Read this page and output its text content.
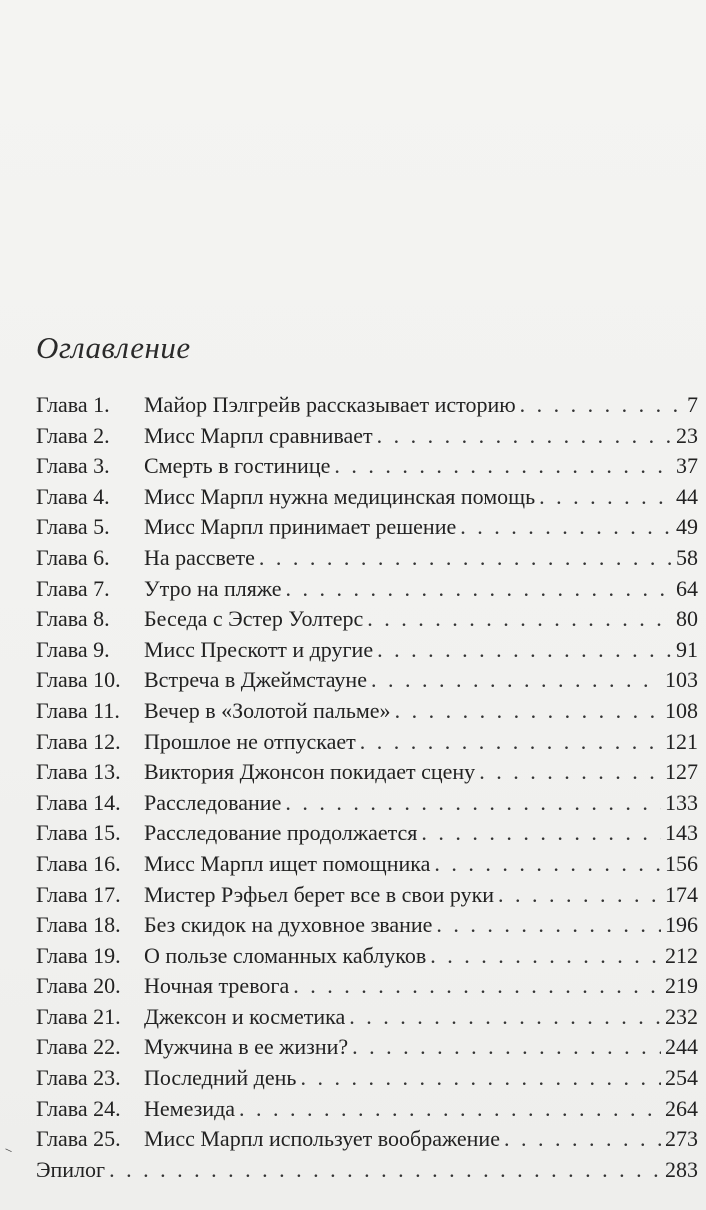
Оглавление
Глава 1.	Майор Пэлгрейв рассказывает историю . . .	7
Глава 2.	Мисс Марпл сравнивает . . .	23
Глава 3.	Смерть в гостинице . . .	37
Глава 4.	Мисс Марпл нужна медицинская помощь . . .	44
Глава 5.	Мисс Марпл принимает решение . . .	49
Глава 6.	На рассвете . . .	58
Глава 7.	Утро на пляже . . .	64
Глава 8.	Беседа с Эстер Уолтерс . . .	80
Глава 9.	Мисс Прескотт и другие . . .	91
Глава 10.	Встреча в Джеймстауне . . .	103
Глава 11.	Вечер в «Золотой пальме» . . .	108
Глава 12.	Прошлое не отпускает . . .	121
Глава 13.	Виктория Джонсон покидает сцену . . .	127
Глава 14.	Расследование . . .	133
Глава 15.	Расследование продолжается . . .	143
Глава 16.	Мисс Марпл ищет помощника . . .	156
Глава 17.	Мистер Рэфьел берет все в свои руки . . .	174
Глава 18.	Без скидок на духовное звание . . .	196
Глава 19.	О пользе сломанных каблуков . . .	212
Глава 20.	Ночная тревога . . .	219
Глава 21.	Джексон и косметика . . .	232
Глава 22.	Мужчина в ее жизни? . . .	244
Глава 23.	Последний день . . .	254
Глава 24.	Немезида . . .	264
Глава 25.	Мисс Марпл использует воображение . . .	273
Эпилог . . .	283
⸜
